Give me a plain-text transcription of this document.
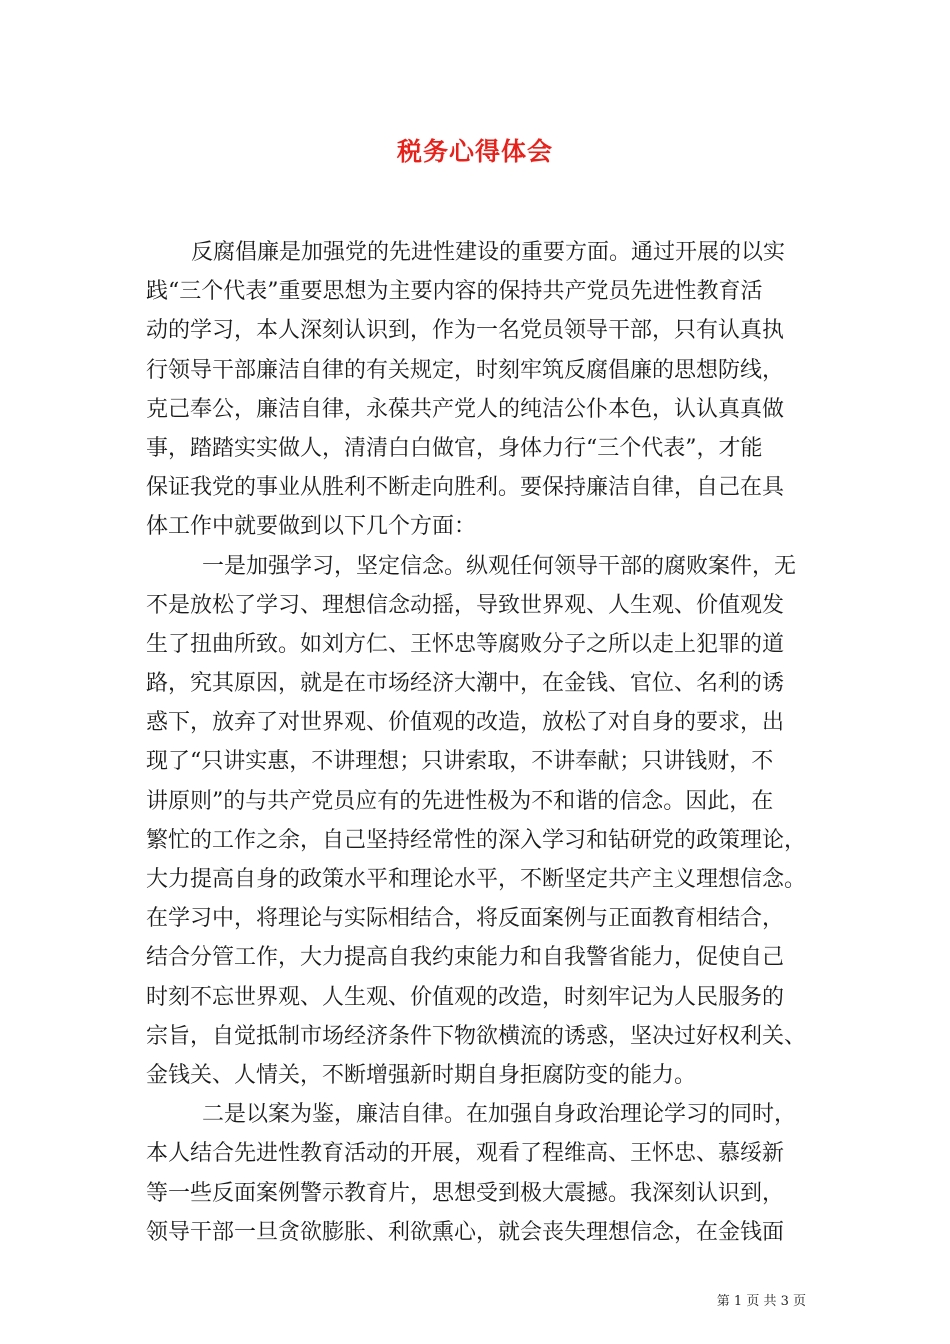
税务心得体会
反腐倡廉是加强党的先进性建设的重要方面。通过开展的以实
践“三个代表”重要思想为主要内容的保持共产党员先进性教育活
动的学习，本人深刻认识到，作为一名党员领导干部，只有认真执
行领导干部廉洁自律的有关规定，时刻牢筑反腐倡廉的思想防线，
克己奉公，廉洁自律，永葆共产党人的纯洁公仆本色，认认真真做
事，踏踏实实做人，清清白白做官，身体力行“三个代表”，才能
保证我党的事业从胜利不断走向胜利。要保持廉洁自律，自己在具
体工作中就要做到以下几个方面：
一是加强学习，坚定信念。纵观任何领导干部的腐败案件，无
不是放松了学习、理想信念动摇，导致世界观、人生观、价值观发
生了扭曲所致。如刘方仁、王怀忠等腐败分子之所以走上犯罪的道
路，究其原因，就是在市场经济大潮中，在金钱、官位、名利的诱
惑下，放弃了对世界观、价值观的改造，放松了对自身的要求，出
现了“只讲实惠，不讲理想；只讲索取，不讲奉献；只讲钱财，不
讲原则”的与共产党员应有的先进性极为不和谐的信念。因此，在
繁忙的工作之余，自己坚持经常性的深入学习和钻研党的政策理论，
大力提高自身的政策水平和理论水平，不断坚定共产主义理想信念。
在学习中，将理论与实际相结合，将反面案例与正面教育相结合，
结合分管工作，大力提高自我约束能力和自我警省能力，促使自己
时刻不忘世界观、人生观、价值观的改造，时刻牢记为人民服务的
宗旨，自觉抵制市场经济条件下物欲横流的诱惑，坚决过好权利关、
金钱关、人情关，不断增强新时期自身拒腐防变的能力。
二是以案为鉴，廉洁自律。在加强自身政治理论学习的同时，
本人结合先进性教育活动的开展，观看了程维高、王怀忠、慕绥新
等一些反面案例警示教育片，思想受到极大震撼。我深刻认识到，
领导干部一旦贪欲膨胀、利欲熏心，就会丧失理想信念，在金钱面
第 1 页 共 3 页
